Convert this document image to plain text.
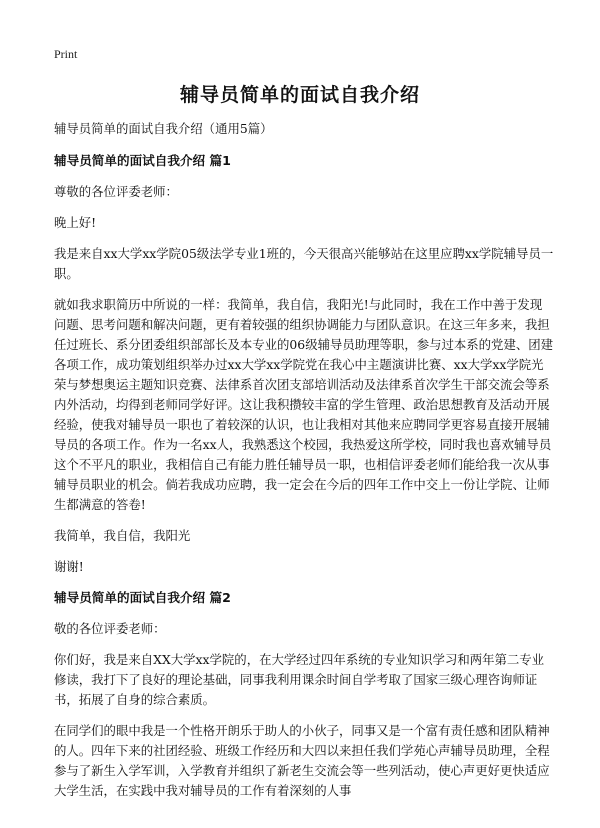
Print
辅导员简单的面试自我介绍

辅导员简单的面试自我介绍（通用5篇）

辅导员简单的面试自我介绍 篇1

尊敬的各位评委老师：

晚上好!

我是来自xx大学xx学院05级法学专业1班的，今天很高兴能够站在这里应聘xx学院辅导员一职。

就如我求职简历中所说的一样：我简单，我自信，我阳光!与此同时，我在工作中善于发现问题、思考问题和解决问题，更有着较强的组织协调能力与团队意识。在这三年多来，我担任过班长、系分团委组织部部长及本专业的06级辅导员助理等职，参与过本系的党建、团建各项工作，成功策划组织举办过xx大学xx学院党在我心中主题演讲比赛、xx大学xx学院光荣与梦想奥运主题知识竞赛、法律系首次团支部培训活动及法律系首次学生干部交流会等系内外活动，均得到老师同学好评。这让我积攒较丰富的学生管理、政治思想教育及活动开展经验，使我对辅导员一职也了着较深的认识，也让我相对其他来应聘同学更容易直接开展辅导员的各项工作。作为一名xx人，我熟悉这个校园，我热爱这所学校，同时我也喜欢辅导员这个不平凡的职业，我相信自己有能力胜任辅导员一职，也相信评委老师们能给我一次从事辅导员职业的机会。倘若我成功应聘，我一定会在今后的四年工作中交上一份让学院、让师生都满意的答卷!

我简单，我自信，我阳光

谢谢!

辅导员简单的面试自我介绍 篇2

敬的各位评委老师：

你们好，我是来自XX大学xx学院的，在大学经过四年系统的专业知识学习和两年第二专业修读，我打下了良好的理论基础，同事我利用课余时间自学考取了国家三级心理咨询师证书，拓展了自身的综合素质。

在同学们的眼中我是一个性格开朗乐于助人的小伙子，同事又是一个富有责任感和团队精神的人。四年下来的社团经验、班级工作经历和大四以来担任我们学苑心声辅导员助理，全程参与了新生入学军训，入学教育并组织了新老生交流会等一些列活动，使心声更好更快适应大学生活，在实践中我对辅导员的工作有着深刻的人事
